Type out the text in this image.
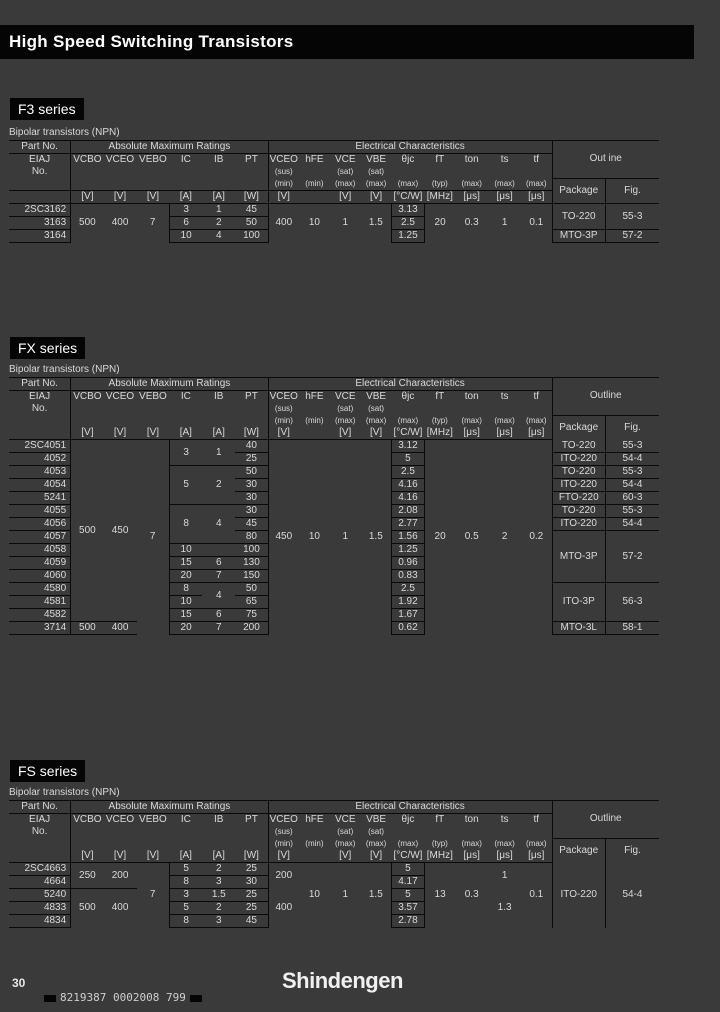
High Speed Switching Transistors
F3 series
Bipolar transistors (NPN)
Part No.	Absolute Maximum Ratings						Electrical Characteristics									Out ine	
EIAJ	VCBO	VCEO	VEBO	IC	IB	PT	VCEO	hFE	VCE	VBE	θjc	fT	ton	ts	tf		
No.							(sus)		(sat)	(sat)							
							(min)	(min)	(max)	(max)	(max)	(typ)	(max)	(max)	(max)	Package	Fig.
	[V]	[V]	[V]	[A]	[A]	[W]	[V]		[V]	[V]	[°C/W]	[MHz]	[μs]	[μs]	[μs]		
2SC3162	500	400	7	3	1	45	400	10	1	1.5	3.13	20	0.3	1	0.1	TO-220	55-3
3163				6	2	50					2.5						
3164				10	4	100					1.25					MTO-3P	57-2
FX series
Bipolar transistors (NPN)
Part No.	Absolute Maximum Ratings						Electrical Characteristics									Outline	
EIAJ	VCBO	VCEO	VEBO	IC	IB	PT	VCEO	hFE	VCE	VBE	θjc	fT	ton	ts	tf		
No.							(sus)		(sat)	(sat)							
							(min)	(min)	(max)	(max)	(max)	(typ)	(max)	(max)	(max)	Package	Fig.
	[V]	[V]	[V]	[A]	[A]	[W]	[V]		[V]	[V]	[°C/W]	[MHz]	[μs]	[μs]	[μs]		
2SC4051	500	450	7	3	1	40	450	10	1	1.5	3.12	20	0.5	2	0.2	TO-220	55-3
4052						25					5					ITO-220	54-4
4053				5	2	50					2.5					TO-220	55-3
4054						30					4.16					ITO-220	54-4
5241						30					4.16					FTO-220	60-3
4055				8	4	30					2.08					TO-220	55-3
4056						45					2.77					ITO-220	54-4
4057						80					1.56					MTO-3P	57-2
4058				10		100					1.25						
4059				15	6	130					0.96						
4060				20	7	150					0.83						
4580				8	4	50					2.5					ITO-3P	56-3
4581				10		65					1.92						
4582				15	6	75					1.67						
3714	500	400		20	7	200					0.62					MTO-3L	58-1
FS series
Bipolar transistors (NPN)
Part No.	Absolute Maximum Ratings						Electrical Characteristics									Outline	
EIAJ	VCBO	VCEO	VEBO	IC	IB	PT	VCEO	hFE	VCE	VBE	θjc	fT	ton	ts	tf		
No.							(sus)		(sat)	(sat)							
							(min)	(min)	(max)	(max)	(max)	(typ)	(max)	(max)	(max)	Package	Fig.
	[V]	[V]	[V]	[A]	[A]	[W]	[V]		[V]	[V]	[°C/W]	[MHz]	[μs]	[μs]	[μs]		
2SC4663	250	200	7	5	2	25	200	10	1	1.5	5	13	0.3	1	0.1	ITO-220	54-4
4664				8	3	30					4.17						
5240	500	400		3	1.5	25	400				5			1.3			
4833				5	2	25					3.57						
4834				8	3	45					2.78						
30	Shindengen
8219387 0002008 799
